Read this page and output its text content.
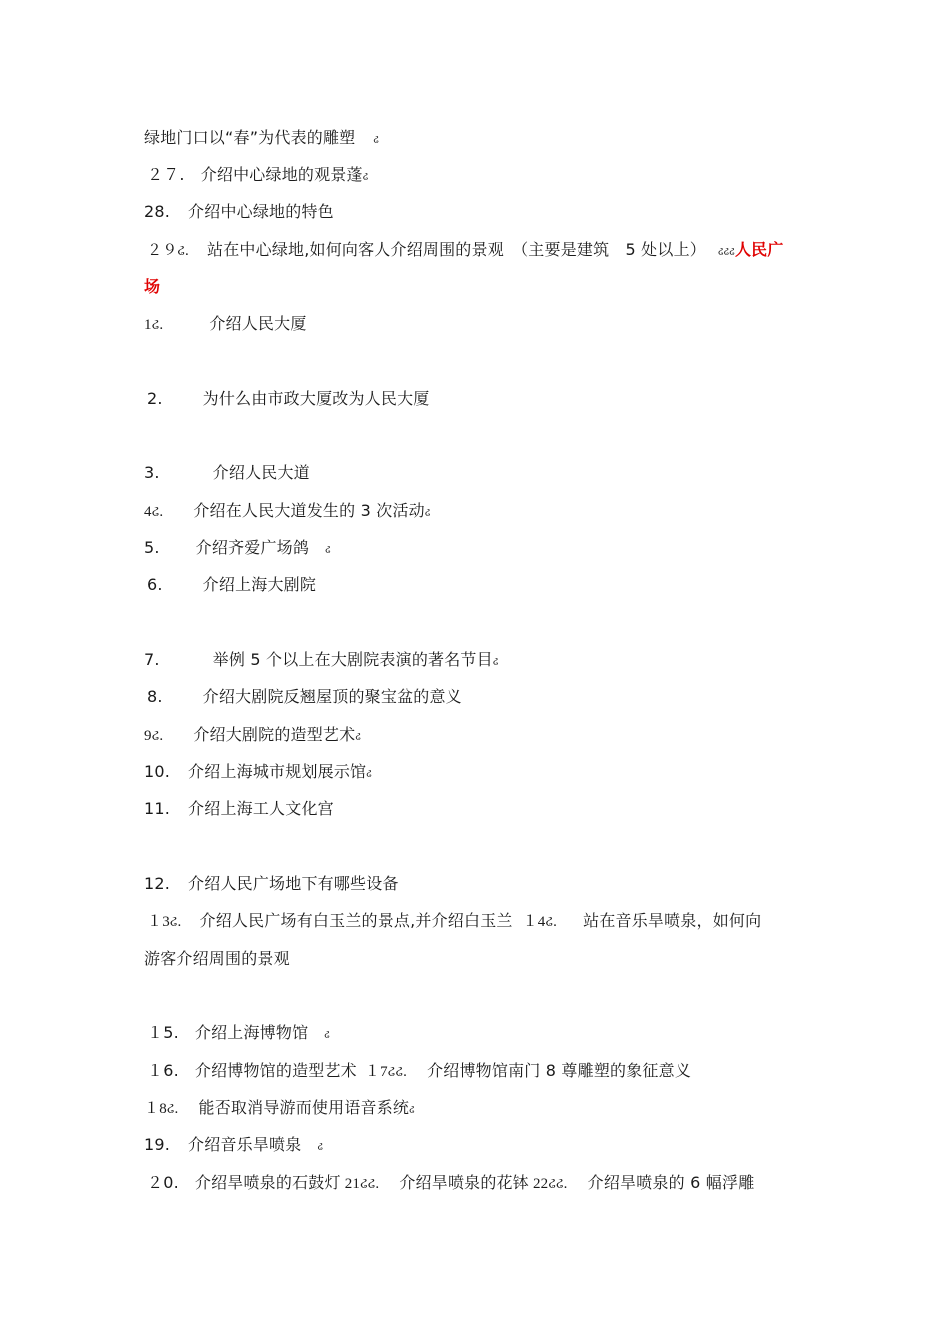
绿地门口以“春”为代表的雕塑 ઢ
２７. 介绍中心绿地的观景蓬ઢ
28. 介绍中心绿地的特色
２９ઢ. 站在中心绿地,如何向客人介绍周围的景观　（主要是建筑　5 处以上） ઢઢઢ人民广
场
1ઢ.	介绍人民大厦
2.	为什么由市政大厦改为人民大厦
3.	介绍人民大道
4ઢ. 介绍在人民大道发生的 3 次活动ઢ
5. 介绍齐爱广场鸽 ઢ
6.	介绍上海大剧院
7.	举例 5 个以上在大剧院表演的著名节目ઢ
8.	介绍大剧院反翘屋顶的聚宝盆的意义
9ઢ. 介绍大剧院的造型艺术ઢ
10. 介绍上海城市规划展示馆ઢ
11. 介绍上海工人文化宫
12. 介绍人民广场地下有哪些设备
１3ઢ. 介绍人民广场有白玉兰的景点,并介绍白玉兰 １4ઢ. 站在音乐旱喷泉，如何向
游客介绍周围的景观
１5. 介绍上海博物馆 ઢ
１6. 介绍博物馆的造型艺术 １7ઢઢ. 介绍博物馆南门 8 尊雕塑的象征意义
１8ઢ. 能否取消导游而使用语音系统ઢ
19. 介绍音乐旱喷泉 ઢ
２0. 介绍旱喷泉的石鼓灯 21ઢઢ. 介绍旱喷泉的花钵 22ઢઢ. 介绍旱喷泉的 6 幅浮雕
